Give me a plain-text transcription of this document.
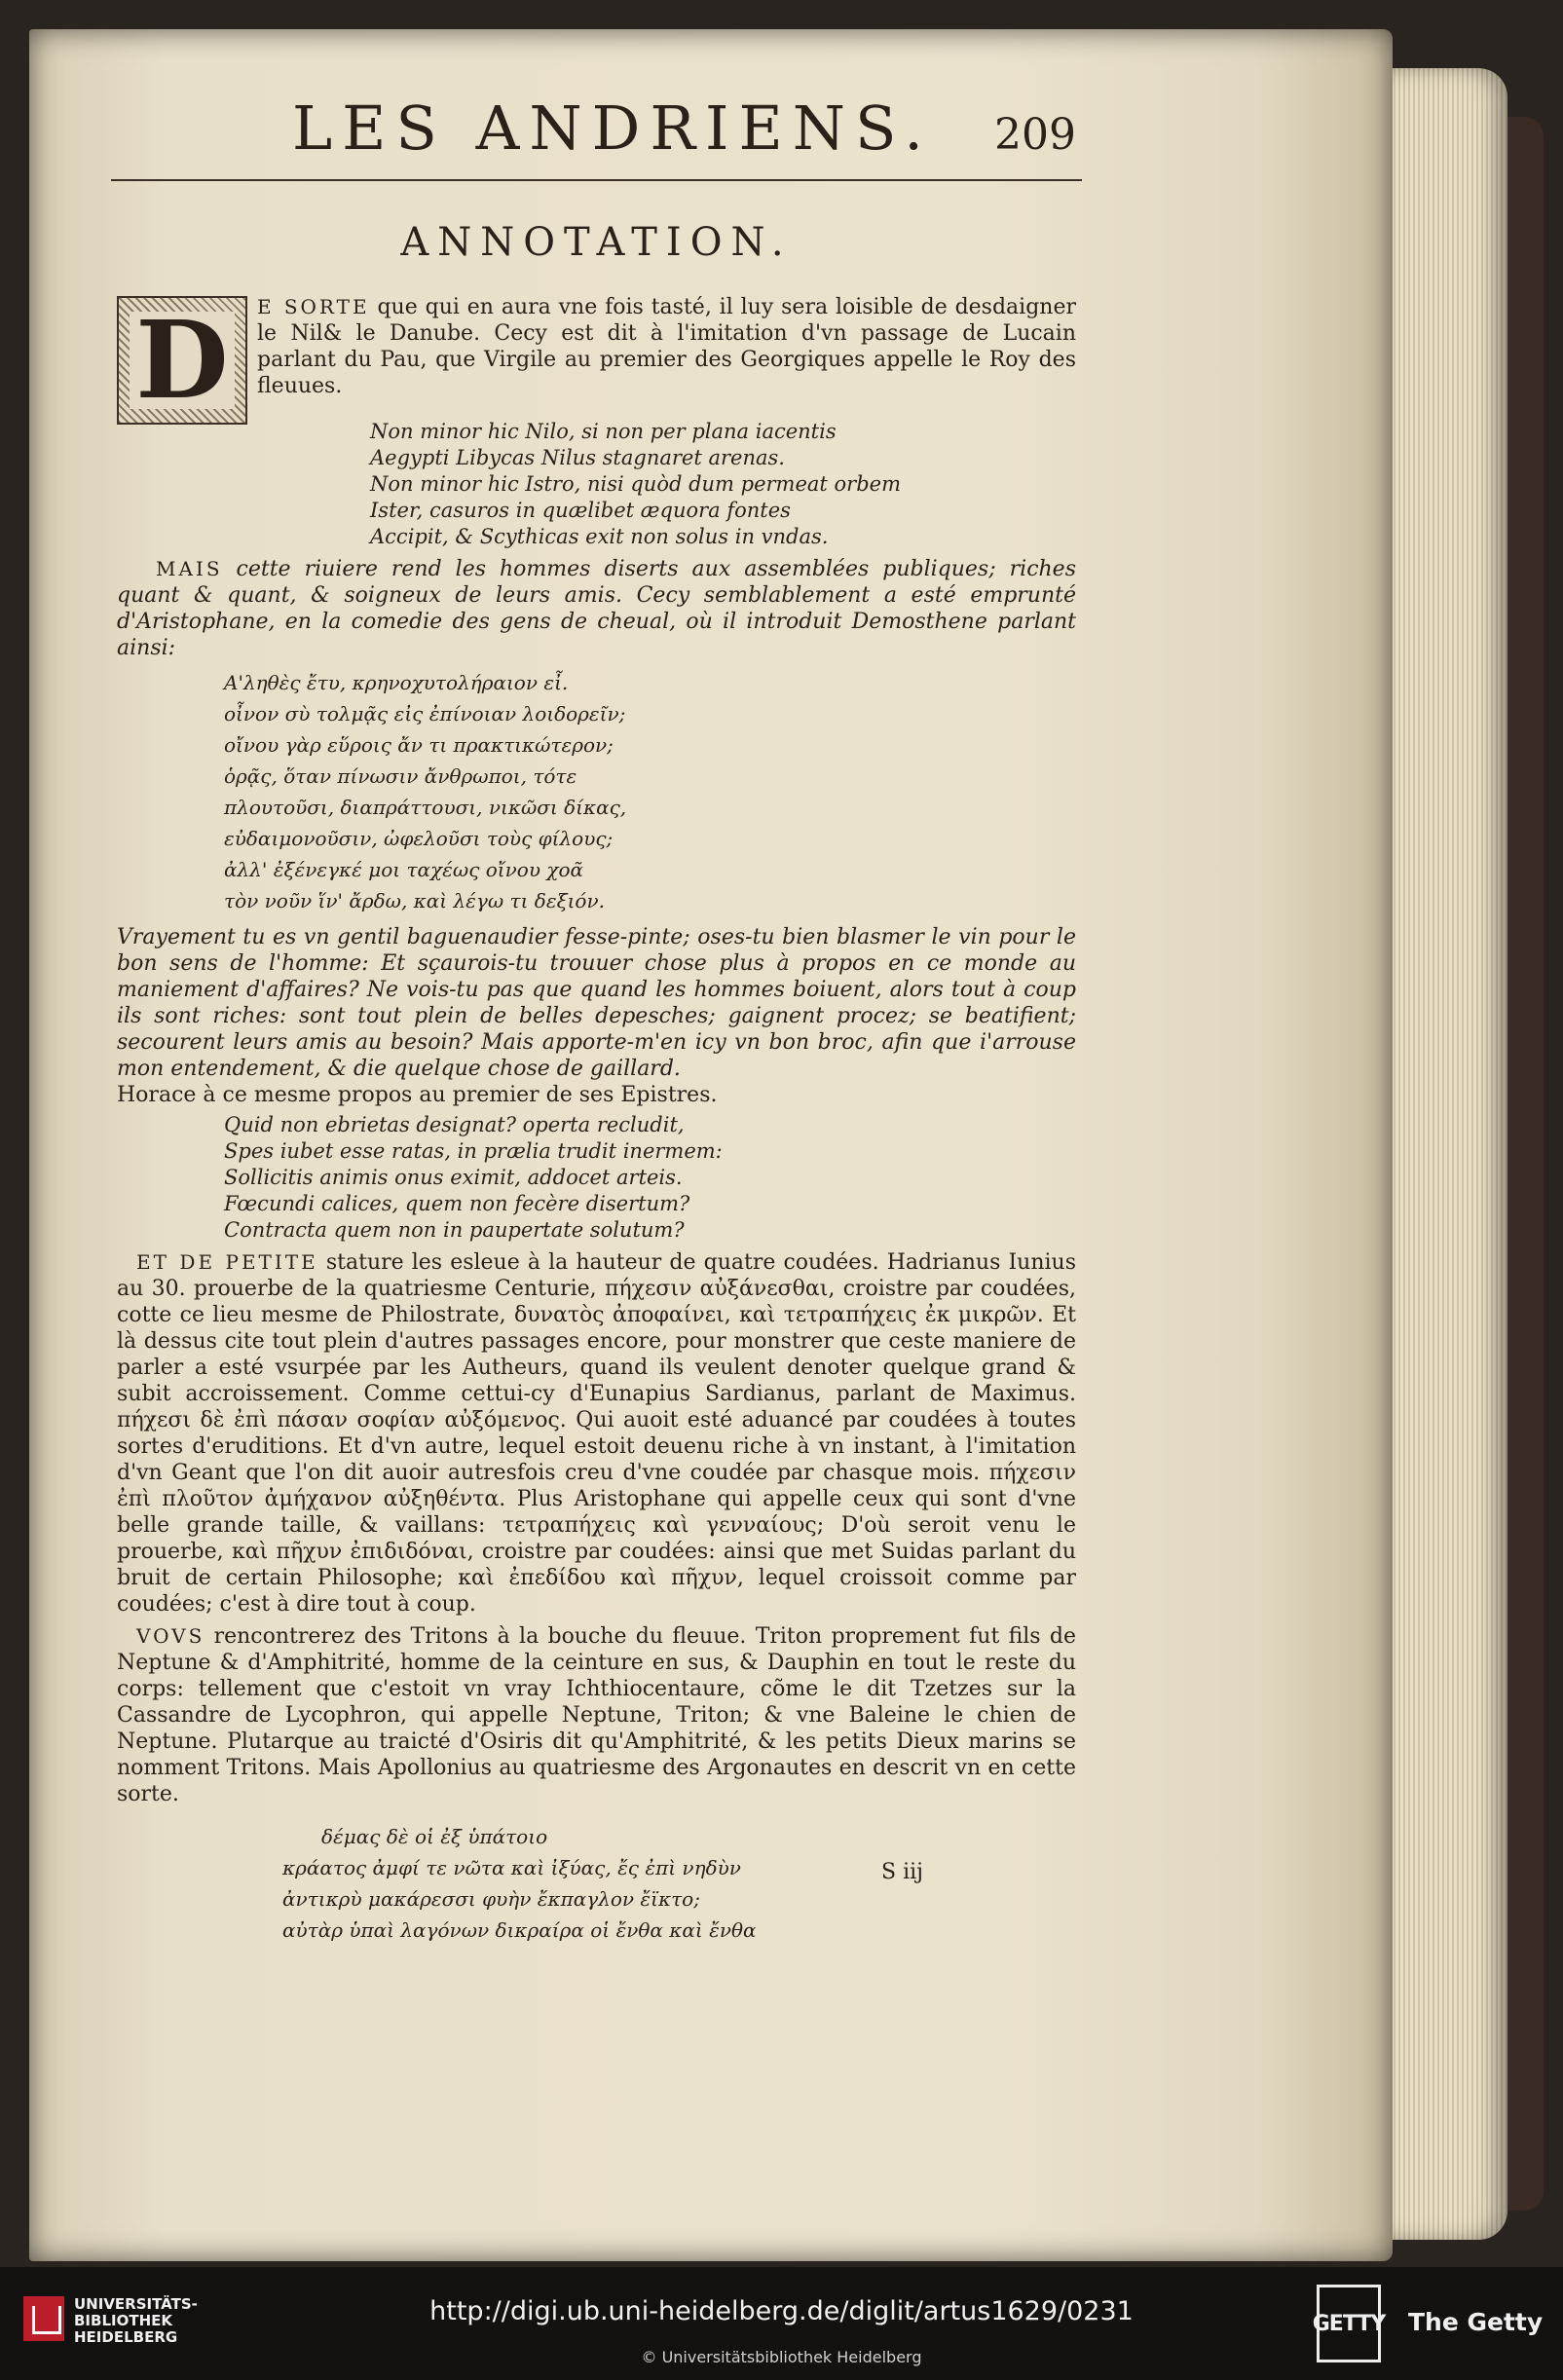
LES ANDRIENS. 209
ANNOTATION.
D	E SORTE que qui en aura vne fois tasté, il luy sera loisible de desdaigner le Nil& le Danube. Cecy est dit à l'imitation d'vn passage de Lucain parlant du Pau, que Virgile au premier des Georgiques appelle le Roy des fleuues.

Non minor hic Nilo, si non per plana iacentis
Aegypti Libycas Nilus stagnaret arenas.
Non minor hic Istro, nisi quòd dum permeat orbem
Ister, casuros in quælibet æquora fontes
Accipit, & Scythicas exit non solus in vndas.

MAIS cette riuiere rend les hommes diserts aux assemblées publiques; riches quant & quant, & soigneux de leurs amis. Cecy semblablement a esté emprunté d'Aristophane, en la comedie des gens de cheual, où il introduit Demosthene parlant ainsi:

Α'ληθὲς ἔτυ, κρηνοχυτολήραιον εἶ.
οἶνον σὺ τολμᾷς εἰς ἐπίνοιαν λοιδορεῖν;
οἴνου γὰρ εὕροις ἄν τι πρακτικώτερον;
ὁρᾷς, ὅταν πίνωσιν ἄνθρωποι, τότε
πλουτοῦσι, διαπράττουσι, νικῶσι δίκας,
εὐδαιμονοῦσιν, ὠφελοῦσι τοὺς φίλους;
ἀλλ' ἐξένεγκέ μοι ταχέως οἴνου χοᾶ
τὸν νοῦν ἵν' ἄρδω, καὶ λέγω τι δεξιόν.

Vrayement tu es vn gentil baguenaudier fesse-pinte; oses-tu bien blasmer le vin pour le bon sens de l'homme: Et sçaurois-tu trouuer chose plus à propos en ce monde au maniement d'affaires? Ne vois-tu pas que quand les hommes boiuent, alors tout à coup ils sont riches: sont tout plein de belles depesches; gaignent procez; se beatifient; secourent leurs amis au besoin? Mais apporte-m'en icy vn bon broc, afin que i'arrouse mon entendement, & die quelque chose de gaillard.

Horace à ce mesme propos au premier de ses Epistres.

Quid non ebrietas designat? operta recludit,
Spes iubet esse ratas, in prælia trudit inermem:
Sollicitis animis onus eximit, addocet arteis.
Fœcundi calices, quem non fecère disertum?
Contracta quem non in paupertate solutum?

ET DE PETITE stature les esleue à la hauteur de quatre coudées. Hadrianus Iunius au 30. prouerbe de la quatriesme Centurie, πήχεσιν αὐξάνεσθαι, croistre par coudées, cotte ce lieu mesme de Philostrate, δυνατὸς ἀποφαίνει, καὶ τετραπήχεις ἐκ μικρῶν. Et là dessus cite tout plein d'autres passages encore, pour monstrer que ceste maniere de parler a esté vsurpée par les Autheurs, quand ils veulent denoter quelque grand & subit accroissement. Comme cettui-cy d'Eunapius Sardianus, parlant de Maximus. πήχεσι δὲ ἐπὶ πάσαν σοφίαν αὐξόμενος. Qui auoit esté aduancé par coudées à toutes sortes d'eruditions. Et d'vn autre, lequel estoit deuenu riche à vn instant, à l'imitation d'vn Geant que l'on dit auoir autresfois creu d'vne coudée par chasque mois. πήχεσιν ἐπὶ πλοῦτον ἀμήχανον αὐξηθέντα. Plus Aristophane qui appelle ceux qui sont d'vne belle grande taille, & vaillans: τετραπήχεις καὶ γενναίους; D'où seroit venu le prouerbe, καὶ πῆχυν ἐπιδιδόναι, croistre par coudées: ainsi que met Suidas parlant du bruit de certain Philosophe; καὶ ἐπεδίδου καὶ πῆχυν, lequel croissoit comme par coudées; c'est à dire tout à coup.

VOVS rencontrerez des Tritons à la bouche du fleuue. Triton proprement fut fils de Neptune & d'Amphitrité, homme de la ceinture en sus, & Dauphin en tout le reste du corps: tellement que c'estoit vn vray Ichthiocentaure, cõme le dit Tzetzes sur la Cassandre de Lycophron, qui appelle Neptune, Triton; & vne Baleine le chien de Neptune. Plutarque au traicté d'Osiris dit qu'Amphitrité, & les petits Dieux marins se nomment Tritons. Mais Apollonius au quatriesme des Argonautes en descrit vn en cette sorte.

δέμας δὲ οἱ ἐξ ὑπάτοιο
κράατος ἀμφί τε νῶτα καὶ ἰξύας, ἔς ἐπὶ νηδὺν
ἀντικρὺ μακάρεσσι φυὴν ἔκπαγλον ἔϊκτο;
αὐτὰρ ὑπαὶ λαγόνων δικραίρα οἱ ἔνθα καὶ ἔνθα
S iij
UNIVERSITÄTS-
BIBLIOTHEK
HEIDELBERG
http://digi.ub.uni-heidelberg.de/diglit/artus1629/0231
© Universitätsbibliothek Heidelberg
GETTY The Getty
